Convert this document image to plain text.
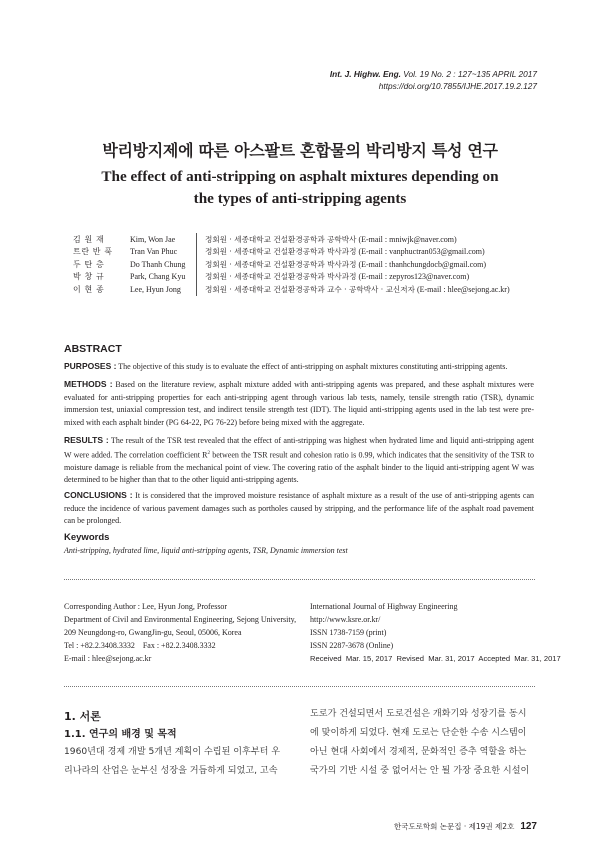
Int. J. Highw. Eng. Vol. 19 No. 2 : 127~135 APRIL 2017
https://doi.org/10.7855/IJHE.2017.19.2.127
박리방지제에 따른 아스팔트 혼합물의 박리방지 특성 연구
The effect of anti-stripping on asphalt mixtures depending on
the types of anti-stripping agents
김 원 재	Kim, Won Jae		정회원 · 세종대학교 건설환경공학과 공학박사 (E-mail : mniwjk@naver.com)
트란 반 푹	Tran Van Phuc		정회원 · 세종대학교 건설환경공학과 박사과정 (E-mail : vanphuctran053@gmail.com)
두 탄 층	Do Thanh Chung		정회원 · 세종대학교 건설환경공학과 박사과정 (E-mail : thanhchungdocb@gmail.com)
박 창 규	Park, Chang Kyu		정회원 · 세종대학교 건설환경공학과 박사과정 (E-mail : zepyros123@naver.com)
이 현 종	Lee, Hyun Jong		정회원 · 세종대학교 건설환경공학과 교수 · 공학박사 · 교신저자 (E-mail : hlee@sejong.ac.kr)
ABSTRACT
PURPOSES : The objective of this study is to evaluate the effect of anti-stripping on asphalt mixtures constituting anti-stripping agents.
METHODS : Based on the literature review, asphalt mixture added with anti-stripping agents was prepared, and these asphalt mixtures were evaluated for anti-stripping properties for each anti-stripping agent through various lab tests, namely, tensile strength ratio (TSR), dynamic immersion test, uniaxial compression test, and indirect tensile strength test (IDT). The liquid anti-stripping agents used in the lab test were pre-mixed with each asphalt binder (PG 64-22, PG 76-22) before being mixed with the aggregate.
RESULTS : The result of the TSR test revealed that the effect of anti-stripping was highest when hydrated lime and liquid anti-stripping agent W were added. The correlation coefficient $R^2$ between the TSR result and cohesion ratio is 0.99, which indicates that the sensitivity of the TSR to moisture damage is reliable from the mechanical point of view. The covering ratio of the asphalt binder to the liquid anti-stripping agent W was determined to be higher than that to the other liquid anti-stripping agents.
CONCLUSIONS : It is considered that the improved moisture resistance of asphalt mixture as a result of the use of anti-stripping agents can reduce the incidence of various pavement damages such as portholes caused by stripping, and the performance life of the asphalt road pavement can be prolonged.
Keywords
Anti-stripping, hydrated lime, liquid anti-stripping agents, TSR, Dynamic immersion test
Corresponding Author : Lee, Hyun Jong, Professor
Department of Civil and Environmental Engineering, Sejong University,
209 Neungdong-ro, GwangJin-gu, Seoul, 05006, Korea
Tel : +82.2.3408.3332    Fax : +82.2.3408.3332
E-mail : hlee@sejong.ac.kr
International Journal of Highway Engineering
http://www.ksre.or.kr/
ISSN 1738-7159 (print)
ISSN 2287-3678 (Online)
Received  Mar. 15, 2017  Revised  Mar. 31, 2017  Accepted  Mar. 31, 2017
1. 서론
1.1. 연구의 배경 및 목적
1960년대 경제 개발 5개년 계획이 수립된 이후부터 우
리나라의 산업은 눈부신 성장을 거듭하게 되었고, 고속
도로가 건설되면서 도로건설은 개화기와 성장기를 동시
에 맞이하게 되었다. 현재 도로는 단순한 수송 시스템이
아닌 현대 사회에서 경제적, 문화적인 증추 역할을 하는
국가의 기반 시설 중 없어서는 안 될 가장 중요한 시설이
한국도로학회 논문집 · 제19권 제2호 127
